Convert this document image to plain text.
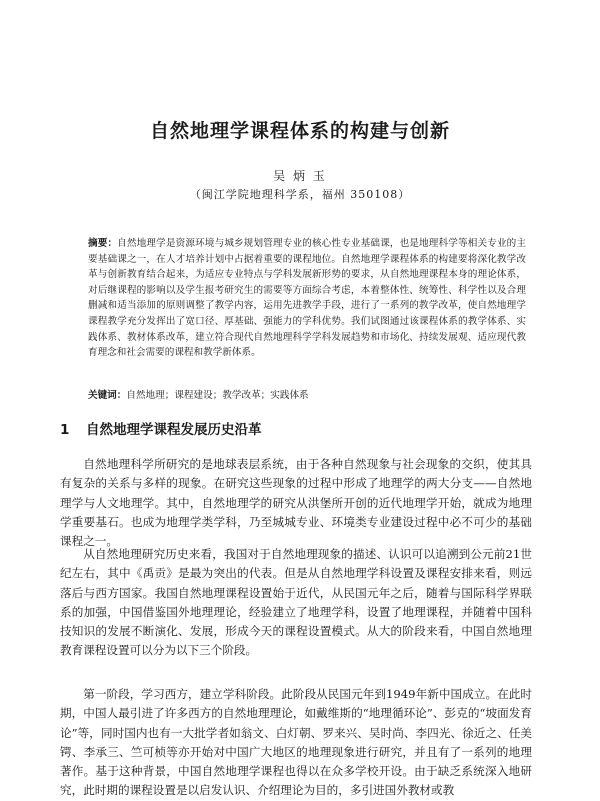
自然地理学课程体系的构建与创新
吴 炳 玉
（闽江学院地理科学系，福州 350108）
摘要：自然地理学是资源环境与城乡规划管理专业的核心性专业基础课，也是地理科学等相关专业的主要基础课之一，在人才培养计划中占据着重要的课程地位。自然地理学课程体系的构建要将深化教学改革与创新教育结合起来，为适应专业特点与学科发展新形势的要求，从自然地理课程本身的理论体系，对后继课程的影响以及学生报考研究生的需要等方面综合考虑，本着整体性、统筹性、科学性以及合理删减和适当添加的原则调整了教学内容，运用先进教学手段，进行了一系列的教学改革，使自然地理学课程教学充分发挥出了宽口径、厚基础、强能力的学科优势。我们试图通过该课程体系的教学体系、实践体系、教材体系改革，建立符合现代自然地理科学学科发展趋势和市场化、持续发展观、适应现代教育理念和社会需要的课程和教学新体系。
关键词：自然地理；课程建设；教学改革；实践体系
1 自然地理学课程发展历史沿革

自然地理科学所研究的是地球表层系统，由于各种自然现象与社会现象的交织，使其具有复杂的关系与多样的现象。在研究这些现象的过程中形成了地理学的两大分支——自然地理学与人文地理学。其中，自然地理学的研究从洪堡所开创的近代地理学开始，就成为地理学重要基石。也成为地理学类学科，乃至城城专业、环境类专业建设过程中必不可少的基础课程之一。

从自然地理研究历史来看，我国对于自然地理现象的描述、认识可以追溯到公元前21世纪左右，其中《禹贡》是最为突出的代表。但是从自然地理学科设置及课程安排来看，则远落后与西方国家。我国自然地理课程设置始于近代，从民国元年之后，随着与国际科学界联系的加强，中国借鉴国外地理理论，经验建立了地理学科，设置了地理课程，并随着中国科技知识的发展不断演化、发展，形成今天的课程设置模式。从大的阶段来看，中国自然地理教育课程设置可以分为以下三个阶段。

第一阶段，学习西方，建立学科阶段。此阶段从民国元年到1949年新中国成立。在此时期，中国人最引进了许多西方的自然地理理论，如戴维斯的“地理循环论”、彭克的“坡面发育论”等，同时国内也有一大批学者如翁文、白灯朝、罗来兴、吴时尚、李四光、徐近之、任美锷、李承三、竺可桢等亦开始对中国广大地区的地理现象进行研究，并且有了一系列的地理著作。基于这种背景，中国自然地理学课程也得以在众多学校开设。由于缺乏系统深入地研究，此时期的课程设置是以启发认识、介绍理论为目的，多引进国外教材或教
